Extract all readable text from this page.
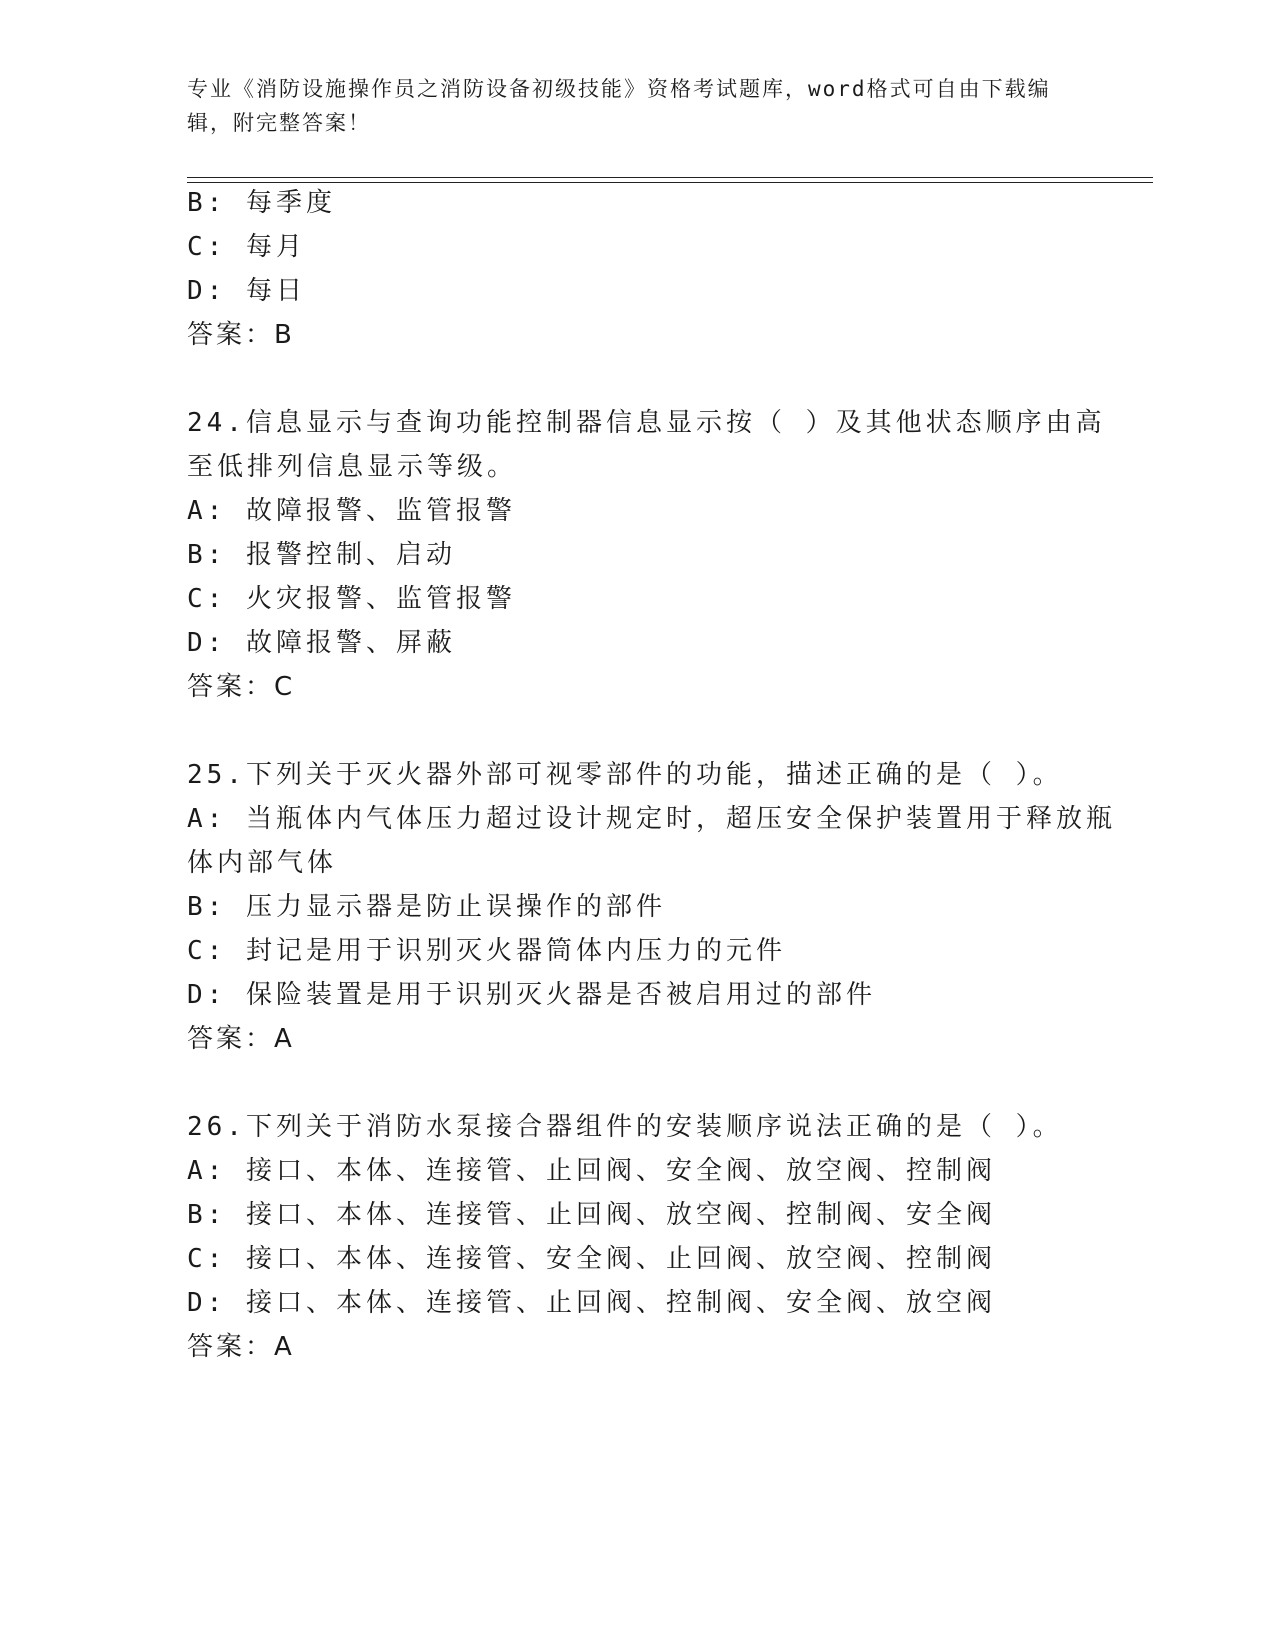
专业《消防设施操作员之消防设备初级技能》资格考试题库，word格式可自由下载编辑，附完整答案！
B: 每季度
C: 每月
D: 每日
答案：B
24.信息显示与查询功能控制器信息显示按（ ）及其他状态顺序由高
至低排列信息显示等级。
A: 故障报警、监管报警
B: 报警控制、启动
C: 火灾报警、监管报警
D: 故障报警、屏蔽
答案：C
25.下列关于灭火器外部可视零部件的功能，描述正确的是（ ）。
A: 当瓶体内气体压力超过设计规定时，超压安全保护装置用于释放瓶
体内部气体
B: 压力显示器是防止误操作的部件
C: 封记是用于识别灭火器筒体内压力的元件
D: 保险装置是用于识别灭火器是否被启用过的部件
答案：A
26.下列关于消防水泵接合器组件的安装顺序说法正确的是（ ）。
A: 接口、本体、连接管、止回阀、安全阀、放空阀、控制阀
B: 接口、本体、连接管、止回阀、放空阀、控制阀、安全阀
C: 接口、本体、连接管、安全阀、止回阀、放空阀、控制阀
D: 接口、本体、连接管、止回阀、控制阀、安全阀、放空阀
答案：A
